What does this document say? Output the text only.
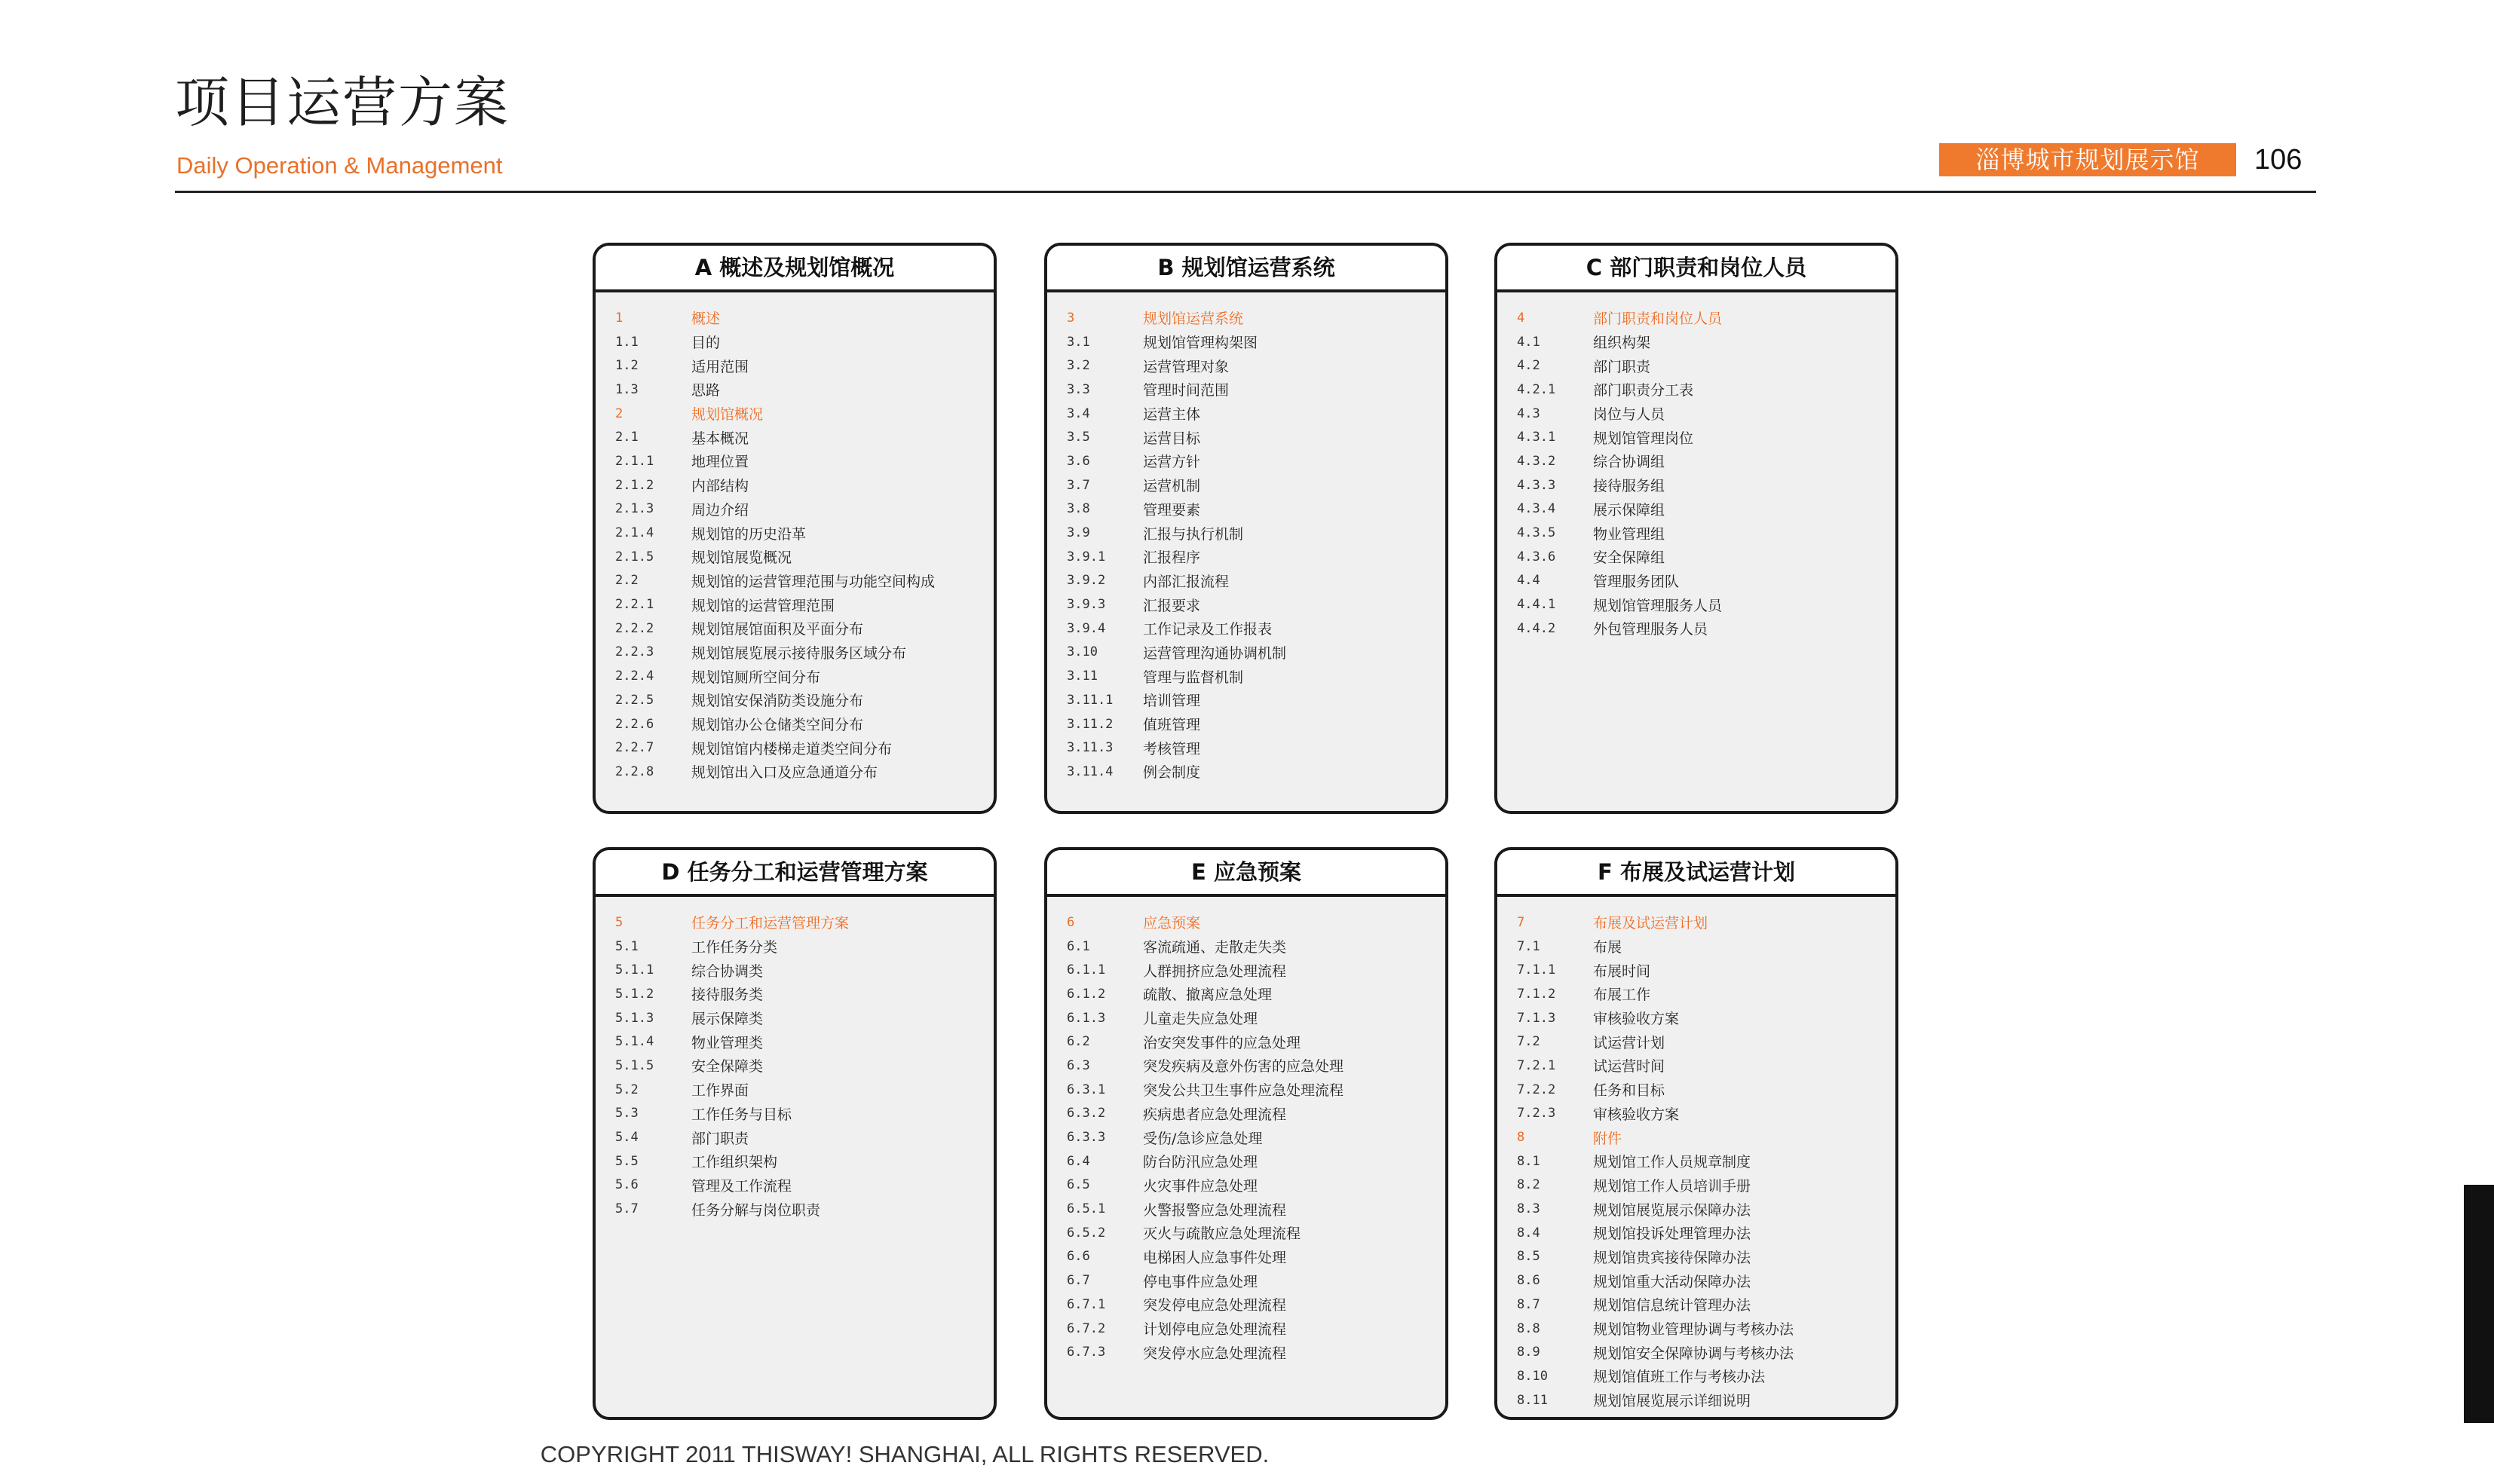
项目运营方案
Daily Operation & Management	淄博城市规划展示馆	106
A 概述及规划馆概况
1	概述
1.1	目的
1.2	适用范围
1.3	思路
2	规划馆概况
2.1	基本概况
2.1.1	地理位置
2.1.2	内部结构
2.1.3	周边介绍
2.1.4	规划馆的历史沿革
2.1.5	规划馆展览概况
2.2	规划馆的运营管理范围与功能空间构成
2.2.1	规划馆的运营管理范围
2.2.2	规划馆展馆面积及平面分布
2.2.3	规划馆展览展示接待服务区域分布
2.2.4	规划馆厕所空间分布
2.2.5	规划馆安保消防类设施分布
2.2.6	规划馆办公仓储类空间分布
2.2.7	规划馆馆内楼梯走道类空间分布
2.2.8	规划馆出入口及应急通道分布
B 规划馆运营系统
3	规划馆运营系统
3.1	规划馆管理构架图
3.2	运营管理对象
3.3	管理时间范围
3.4	运营主体
3.5	运营目标
3.6	运营方针
3.7	运营机制
3.8	管理要素
3.9	汇报与执行机制
3.9.1	汇报程序
3.9.2	内部汇报流程
3.9.3	汇报要求
3.9.4	工作记录及工作报表
3.10	运营管理沟通协调机制
3.11	管理与监督机制
3.11.1	培训管理
3.11.2	值班管理
3.11.3	考核管理
3.11.4	例会制度
C 部门职责和岗位人员
4	部门职责和岗位人员
4.1	组织构架
4.2	部门职责
4.2.1	部门职责分工表
4.3	岗位与人员
4.3.1	规划馆管理岗位
4.3.2	综合协调组
4.3.3	接待服务组
4.3.4	展示保障组
4.3.5	物业管理组
4.3.6	安全保障组
4.4	管理服务团队
4.4.1	规划馆管理服务人员
4.4.2	外包管理服务人员
D 任务分工和运营管理方案
5	任务分工和运营管理方案
5.1	工作任务分类
5.1.1	综合协调类
5.1.2	接待服务类
5.1.3	展示保障类
5.1.4	物业管理类
5.1.5	安全保障类
5.2	工作界面
5.3	工作任务与目标
5.4	部门职责
5.5	工作组织架构
5.6	管理及工作流程
5.7	任务分解与岗位职责
E 应急预案
6	应急预案
6.1	客流疏通、走散走失类
6.1.1	人群拥挤应急处理流程
6.1.2	疏散、撤离应急处理
6.1.3	儿童走失应急处理
6.2	治安突发事件的应急处理
6.3	突发疾病及意外伤害的应急处理
6.3.1	突发公共卫生事件应急处理流程
6.3.2	疾病患者应急处理流程
6.3.3	受伤/急诊应急处理
6.4	防台防汛应急处理
6.5	火灾事件应急处理
6.5.1	火警报警应急处理流程
6.5.2	灭火与疏散应急处理流程
6.6	电梯困人应急事件处理
6.7	停电事件应急处理
6.7.1	突发停电应急处理流程
6.7.2	计划停电应急处理流程
6.7.3	突发停水应急处理流程
F 布展及试运营计划
7	布展及试运营计划
7.1	布展
7.1.1	布展时间
7.1.2	布展工作
7.1.3	审核验收方案
7.2	试运营计划
7.2.1	试运营时间
7.2.2	任务和目标
7.2.3	审核验收方案
8	附件
8.1	规划馆工作人员规章制度
8.2	规划馆工作人员培训手册
8.3	规划馆展览展示保障办法
8.4	规划馆投诉处理管理办法
8.5	规划馆贵宾接待保障办法
8.6	规划馆重大活动保障办法
8.7	规划馆信息统计管理办法
8.8	规划馆物业管理协调与考核办法
8.9	规划馆安全保障协调与考核办法
8.10	规划馆值班工作与考核办法
8.11	规划馆展览展示详细说明
COPYRIGHT 2011 THISWAY! SHANGHAI, ALL RIGHTS RESERVED.
